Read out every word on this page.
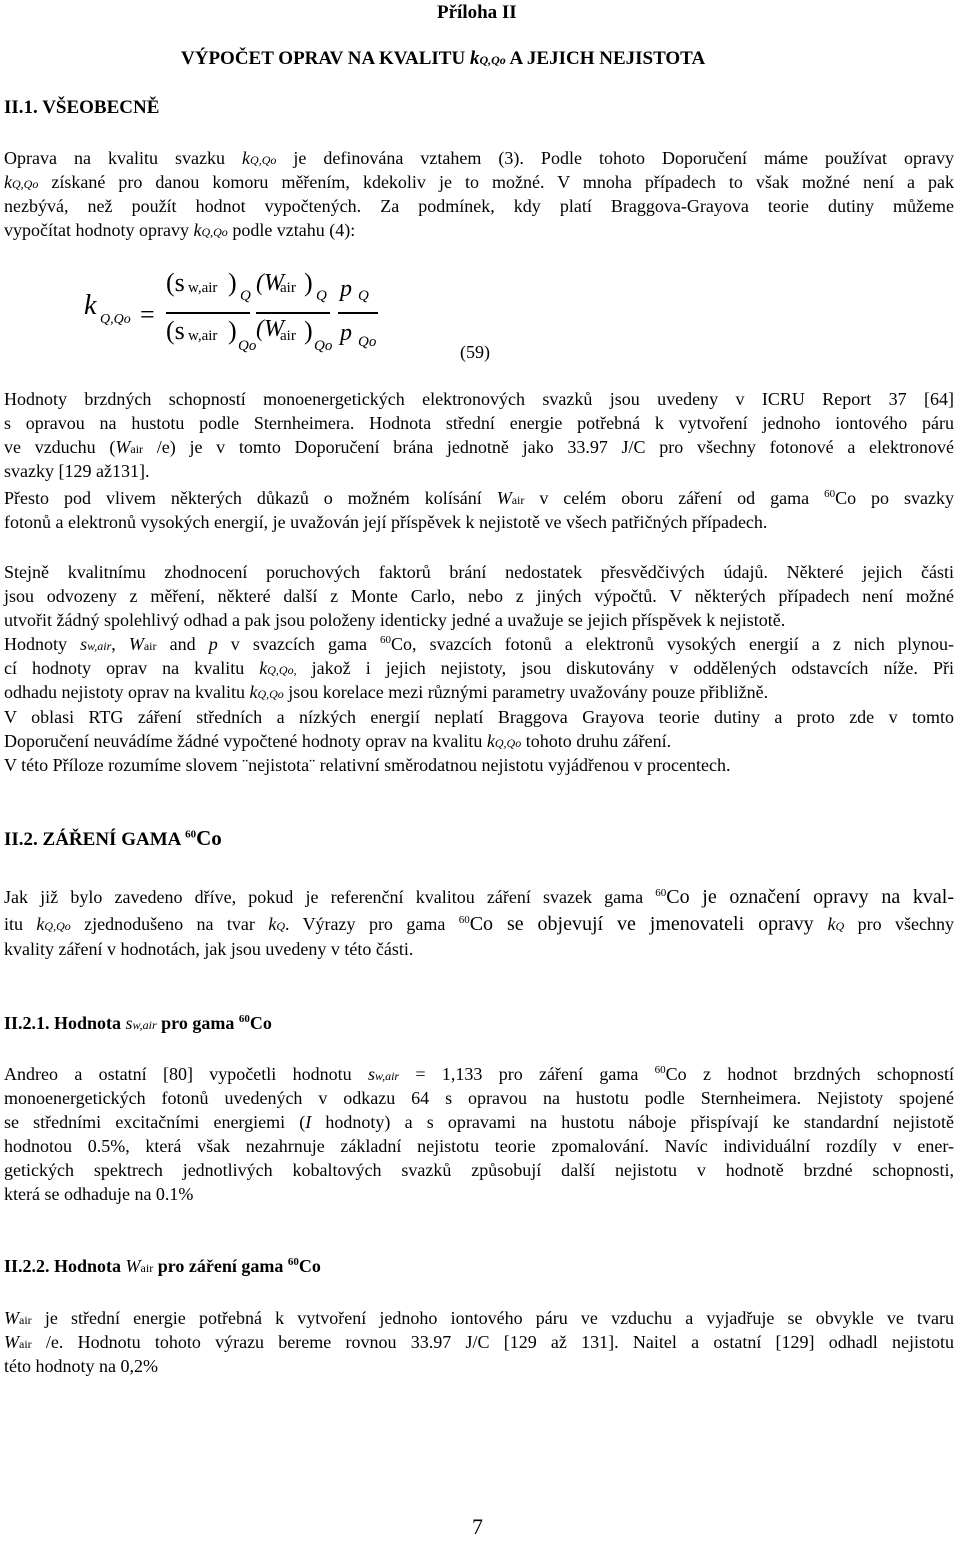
Příloha II
VÝPOČET OPRAV NA KVALITU kQ,Qo A JEJICH NEJISTOTA
II.1. VŠEOBECNĚ
Oprava na kvalitu svazku kQ,Qo je definována vztahem (3). Podle tohoto Doporučení máme používat opravy
kQ,Qo získané pro danou komoru měřením, kdekoliv je to možné. V mnoha případech to však možné není a pak
nezbývá, než použít hodnot vypočtených. Za podmínek, kdy platí Braggova-Grayova teorie dutiny můžeme
vypočítat hodnoty opravy kQ,Qo podle vztahu (4):
k Q,Qo =
(s w,air ) Q (W
air ) Q p Q
(s w,air )
Qo
(W
air )
Qo p Qo	(59)
Hodnoty brzdných schopností monoenergetických elektronových svazků jsou uvedeny v ICRU Report 37 [64]
s opravou na hustotu podle Sternheimera. Hodnota střední energie potřebná k vytvoření jednoho iontového páru
ve vzduchu (Wair /e) je v tomto Doporučení brána jednotně jako 33.97 J/C pro všechny fotonové a elektronové
svazky [129 až131].
Přesto pod vlivem některých důkazů o možném kolísání Wair v celém oboru záření od gama $^{60}$Co po svazky
fotonů a elektronů vysokých energií, je uvažován její příspěvek k nejistotě ve všech patřičných případech.
Stejně kvalitnímu zhodnocení poruchových faktorů brání nedostatek přesvědčivých údajů. Některé jejich části
jsou odvozeny z měření, některé další z Monte Carlo, nebo z jiných výpočtů. V některých případech není možné
utvořit žádný spolehlivý odhad a pak jsou položeny identicky jedné a uvažuje se jejich příspěvek k nejistotě.
Hodnoty sw,air, Wair and p v svazcích gama $^{60}$Co, svazcích fotonů a elektronů vysokých energií a z nich plynou-
cí hodnoty oprav na kvalitu kQ,Qo, jakož i jejich nejistoty, jsou diskutovány v oddělených odstavcích níže. Při
odhadu nejistoty oprav na kvalitu kQ,Qo jsou korelace mezi různými parametry uvažovány pouze přibližně.
V oblasi RTG záření středních a nízkých energií neplatí Braggova Grayova teorie dutiny a proto zde v tomto
Doporučení neuvádíme žádné vypočtené hodnoty oprav na kvalitu kQ,Qo tohoto druhu záření.
V této Příloze rozumíme slovem ¨nejistota¨ relativní směrodatnou nejistotu vyjádřenou v procentech.
II.2. ZÁŘENÍ GAMA $^{60}$Co
Jak již bylo zavedeno dříve, pokud je referenční kvalitou záření svazek gama $^{60}$Co je označení opravy na kval-
itu kQ,Qo zjednodušeno na tvar kQ. Výrazy pro gama $^{60}$Co se objevují ve jmenovateli opravy kQ pro všechny
kvality záření v hodnotách, jak jsou uvedeny v této části.
II.2.1. Hodnota sw,air pro gama $^{60}$Co
Andreo a ostatní [80] vypočetli hodnotu sw,air = 1,133 pro záření gama $^{60}$Co z hodnot brzdných schopností
monoenergetických fotonů uvedených v odkazu 64 s opravou na hustotu podle Sternheimera. Nejistoty spojené
se středními excitačními energiemi (I hodnoty) a s opravami na hustotu náboje přispívají ke standardní nejistotě
hodnotou 0.5%, která však nezahrnuje základní nejistotu teorie zpomalování. Navíc individuální rozdíly v ener-
getických spektrech jednotlivých kobaltových svazků způsobují další nejistotu v hodnotě brzdné schopnosti,
která se odhaduje na 0.1%
II.2.2. Hodnota Wair pro záření gama $^{60}$Co
Wair je střední energie potřebná k vytvoření jednoho iontového páru ve vzduchu a vyjadřuje se obvykle ve tvaru
Wair /e. Hodnotu tohoto výrazu bereme rovnou 33.97 J/C [129 až 131]. Naitel a ostatní [129] odhadl nejistotu
této hodnoty na 0,2%
7
